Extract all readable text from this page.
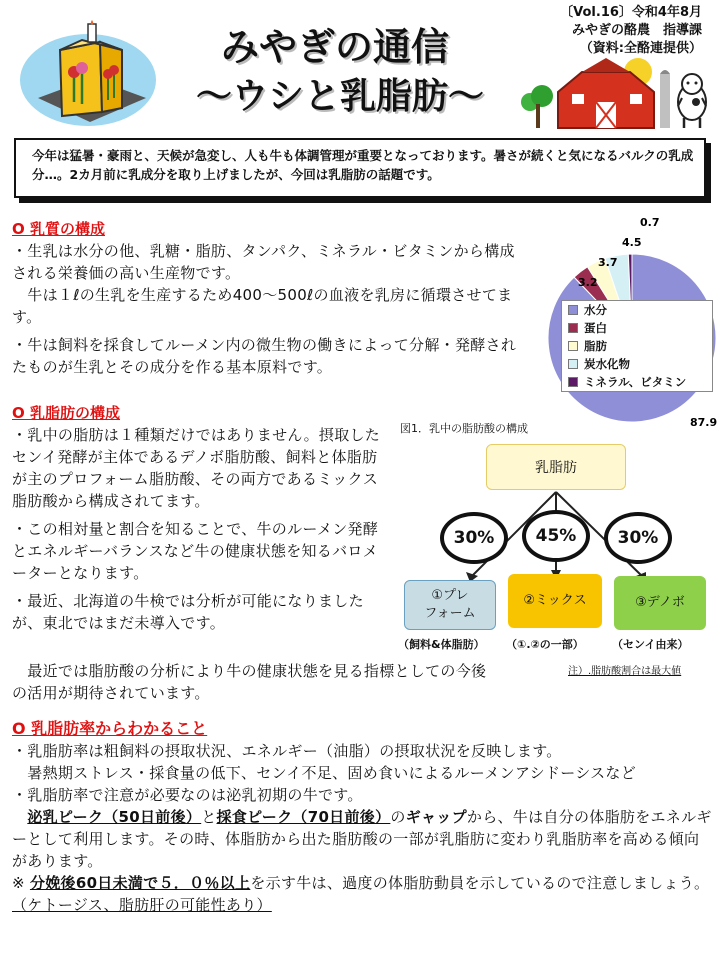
みやぎの通信
～ウシと乳脂肪～
〔Vol.16〕令和4年8月
みやぎの酪農　指導課
（資料:全酪連提供）
今年は猛暑・豪雨と、天候が急変し、人も牛も体調管理が重要となっております。暑さが続くと気になるバルクの乳成分…。2カ月前に乳成分を取り上げましたが、今回は乳脂肪の話題です。
O 乳質の構成
・生乳は水分の他、乳糖・脂肪、タンパク、ミネラル・ビタミンから構成される栄養価の高い生産物です。
　牛は１ℓの生乳を生産するため400～500ℓの血液を乳房に循環させてます。
・牛は飼料を採食してルーメン内の微生物の働きによって分解・発酵されたものが生乳とその成分を作る基本原料です。
87.9
3.2
3.7
4.5
0.7
水分
蛋白
脂肪
炭水化物
ミネラル、ビタミン
O 乳脂肪の構成
・乳中の脂肪は１種類だけではありません。摂取したセンイ発酵が主体であるデノボ脂肪酸、飼料と体脂肪が主のプロフォーム脂肪酸、その両方であるミックス脂肪酸から構成されてます。
・この相対量と割合を知ることで、牛のルーメン発酵とエネルギーバランスなど牛の健康状態を知るバロメーターとなります。
・最近、北海道の牛検では分析が可能になりましたが、東北ではまだ未導入です。
　最近では脂肪酸の分析により牛の健康状態を見る指標としての今後の活用が期待されています。
図1．乳中の脂肪酸の構成
乳脂肪
30%	45%	30%
①プレ
フォーム
②ミックス	③デノボ
（飼料&体脂肪） （①.②の一部）	（センイ由来）
注）.脂肪酸割合は最大値
O 乳脂肪率からわかること
・乳脂肪率は粗飼料の摂取状況、エネルギー（油脂）の摂取状況を反映します。
　暑熱期ストレス・採食量の低下、センイ不足、固め食いによるルーメンアシドーシスなど
・乳脂肪率で注意が必要なのは泌乳初期の牛です。
　泌乳ピーク（50日前後）と採食ピーク（70日前後）のギャップから、牛は自分の体脂肪をエネルギーとして利用します。その時、体脂肪から出た脂肪酸の一部が乳脂肪に変わり乳脂肪率を高める傾向があります。
※ 分娩後60日未満で５．０％以上を示す牛は、過度の体脂肪動員を示しているので注意しましょう。（ケトージス、脂肪肝の可能性あり）
